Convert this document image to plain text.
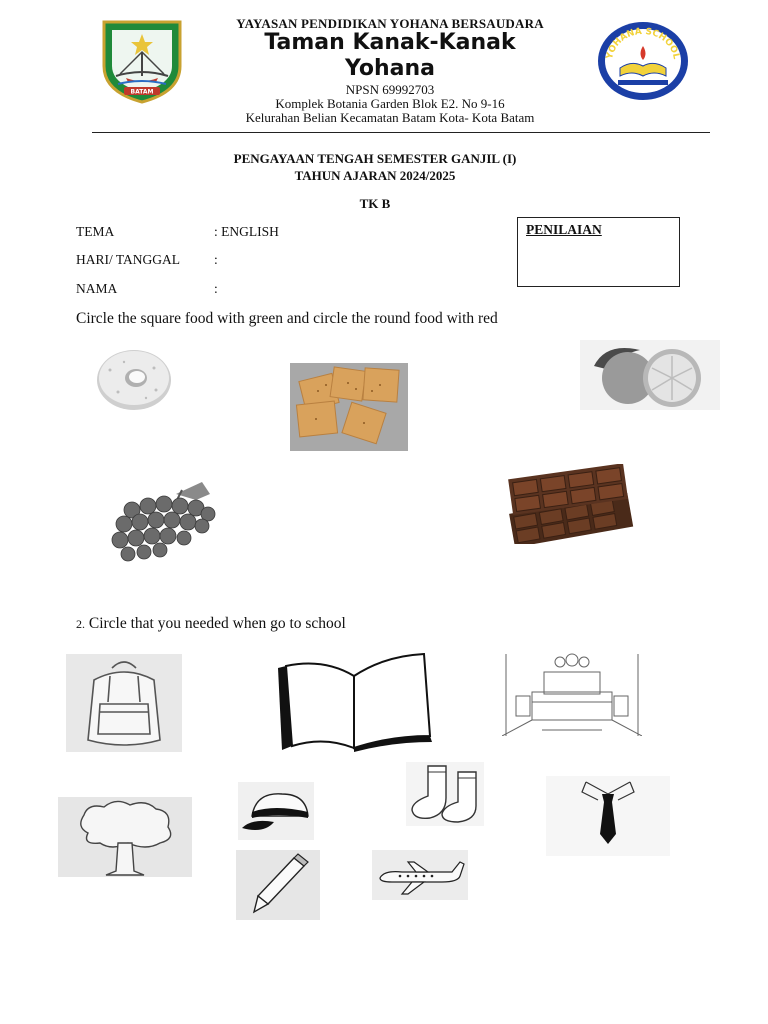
BATAM
YAYASAN PENDIDIKAN YOHANA BERSAUDARA
Taman Kanak-Kanak
Yohana
NPSN 69992703
Komplek Botania Garden Blok E2. No 9-16
Kelurahan Belian Kecamatan Batam Kota- Kota Batam
YOHANA SCHOOL
PENGAYAAN TENGAH SEMESTER GANJIL (I)
TAHUN AJARAN 2024/2025
TK B
TEMA	: ENGLISH
HARI/ TANGGAL	:
NAMA	:
PENILAIAN
Circle the square food with green and circle the round food with red
2. Circle that you needed when go to school
